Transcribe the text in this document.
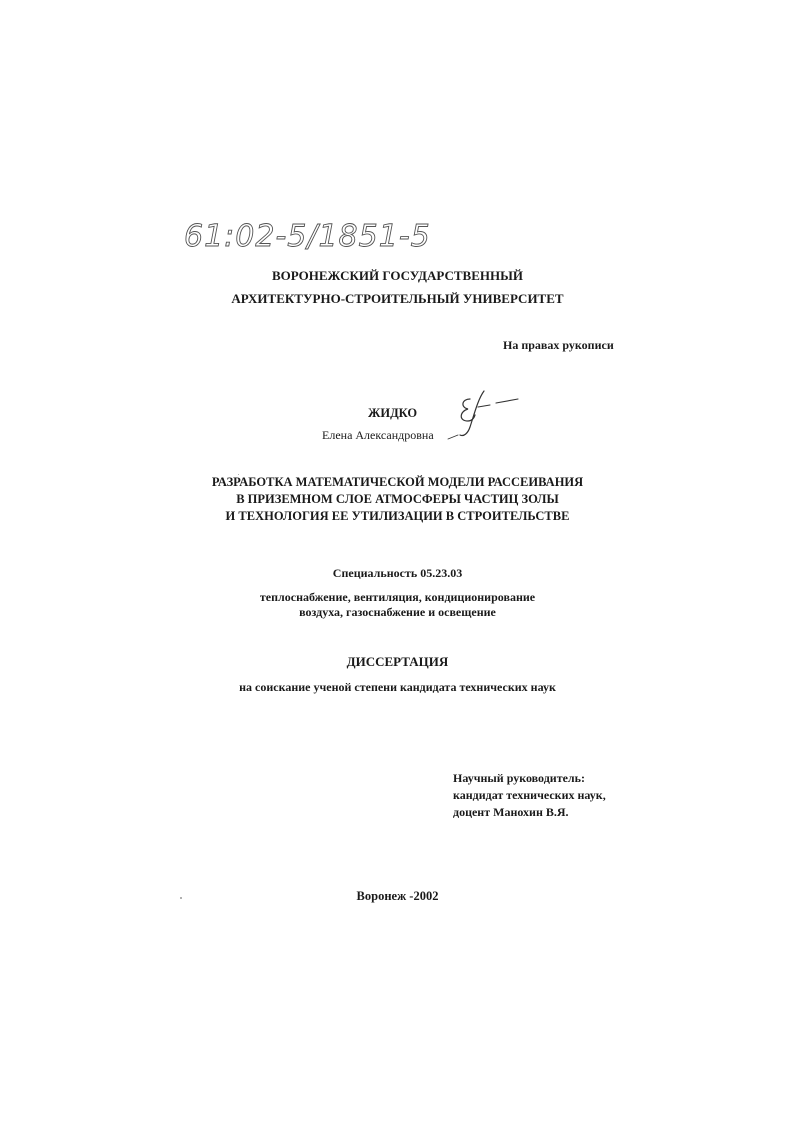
61:02-5/1851-5
ВОРОНЕЖСКИЙ ГОСУДАРСТВЕННЫЙ
АРХИТЕКТУРНО-СТРОИТЕЛЬНЫЙ УНИВЕРСИТЕТ
На правах рукописи
ЖИДКО
Елена Александровна
РАЗРАБОТКА МАТЕМАТИЧЕСКОЙ МОДЕЛИ РАССЕИВАНИЯ
В ПРИЗЕМНОМ СЛОЕ АТМОСФЕРЫ ЧАСТИЦ ЗОЛЫ
И ТЕХНОЛОГИЯ ЕЕ УТИЛИЗАЦИИ В СТРОИТЕЛЬСТВЕ
Специальность 05.23.03
теплоснабжение, вентиляция, кондиционирование
воздуха, газоснабжение и освещение
ДИССЕРТАЦИЯ
на соискание ученой степени кандидата технических наук
Научный руководитель:
кандидат технических наук,
доцент Манохин В.Я.
Воронеж -2002
